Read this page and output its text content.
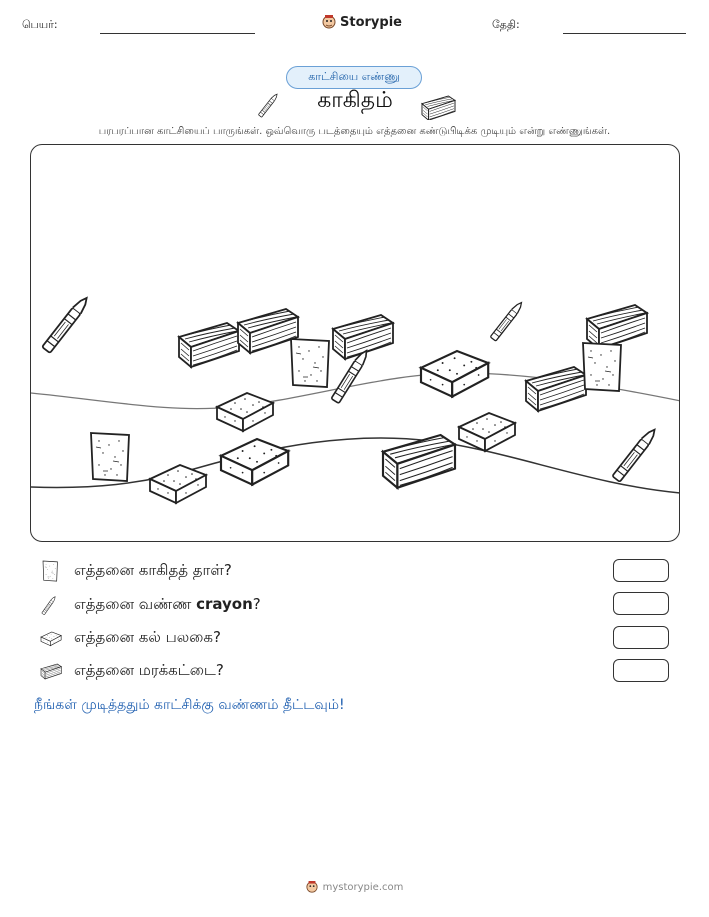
பெயர்:	Storypie	தேதி:
காட்சியை எண்ணு
காகிதம்
பரபரப்பான காட்சியைப் பாருங்கள். ஒவ்வொரு படத்தையும் எத்தனை கண்டுபிடிக்க முடியும் என்று எண்ணுங்கள்.
எத்தனை காகிதத் தாள்?
எத்தனை வண்ண crayon?
எத்தனை கல் பலகை?
எத்தனை மரக்கட்டை?
நீங்கள் முடித்ததும் காட்சிக்கு வண்ணம் தீட்டவும்!
mystorypie.com
